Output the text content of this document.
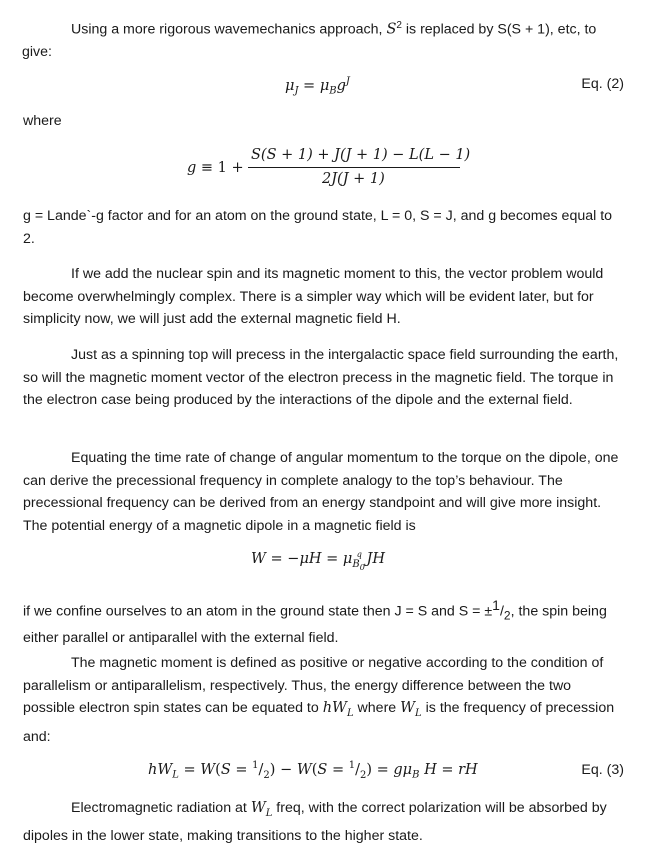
Using a more rigorous wavemechanics approach, $S^2$ is replaced by S(S + 1), etc, to
give:
$\mu_J = \mu_Bg^J$	Eq. (2)
where
g ≡ 1 +
S(S + 1) + J(J + 1) − L(L − 1)
2J(J + 1)

g = Lande`-g factor and for an atom on the ground state, L = 0, S = J, and g becomes equal to 2.

If we add the nuclear spin and its magnetic moment to this, the vector problem would become overwhelmingly complex. There is a simpler way which will be evident later, but for simplicity now, we will just add the external magnetic field H.

Just as a spinning top will precess in the intergalactic space field surrounding the earth, so will the magnetic moment vector of the electron precess in the magnetic field. The torque in the electron case being produced by the interactions of the dipole and the external field.

Equating the time rate of change of angular momentum to the torque on the dipole, one can derive the precessional frequency in complete analogy to the top’s behaviour. The precessional frequency can be derived from an energy standpoint and will give more insight. The potential energy of a magnetic dipole in a magnetic field is

$W = -\mu H = \mu_{B_0}^q$ JH
if we confine ourselves to an atom in the ground state then J = S and $S = \pm^1/_2$, the spin being either parallel or antiparallel with the external field.
The magnetic moment is defined as positive or negative according to the condition of parallelism or antiparallelism, respectively. Thus, the energy difference between the two possible electron spin states can be equated to $hW_L$ where $W_L$ is the frequency of precession and:
$hW_L = W(S = ^1/_2) - W(S = ^1/_2) = g\mu_B$ H = rH	Eq. (3)
Electromagnetic radiation at $W_L$ freq, with the correct polarization will be absorbed by dipoles in the lower state, making transitions to the higher state.
